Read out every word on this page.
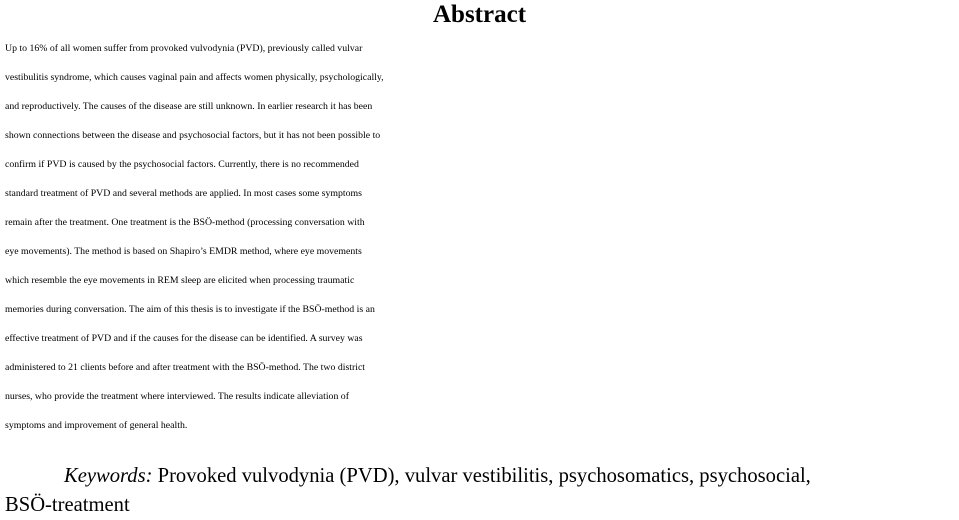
Abstract
Up to 16% of all women suffer from provoked vulvodynia (PVD), previously called vulvar
vestibulitis syndrome, which causes vaginal pain and affects women physically, psychologically,
and reproductively. The causes of the disease are still unknown. In earlier research it has been
shown connections between the disease and psychosocial factors, but it has not been possible to
confirm if PVD is caused by the psychosocial factors. Currently, there is no recommended
standard treatment of PVD and several methods are applied. In most cases some symptoms
remain after the treatment. One treatment is the BSÖ-method (processing conversation with
eye movements). The method is based on Shapiro’s EMDR method, where eye movements
which resemble the eye movements in REM sleep are elicited when processing traumatic
memories during conversation. The aim of this thesis is to investigate if the BSÖ-method is an
effective treatment of PVD and if the causes for the disease can be identified. A survey was
administered to 21 clients before and after treatment with the BSÖ-method. The two district
nurses, who provide the treatment where interviewed. The results indicate alleviation of
symptoms and improvement of general health.
Keywords: Provoked vulvodynia (PVD), vulvar vestibilitis, psychosomatics, psychosocial,
BSÖ-treatment
